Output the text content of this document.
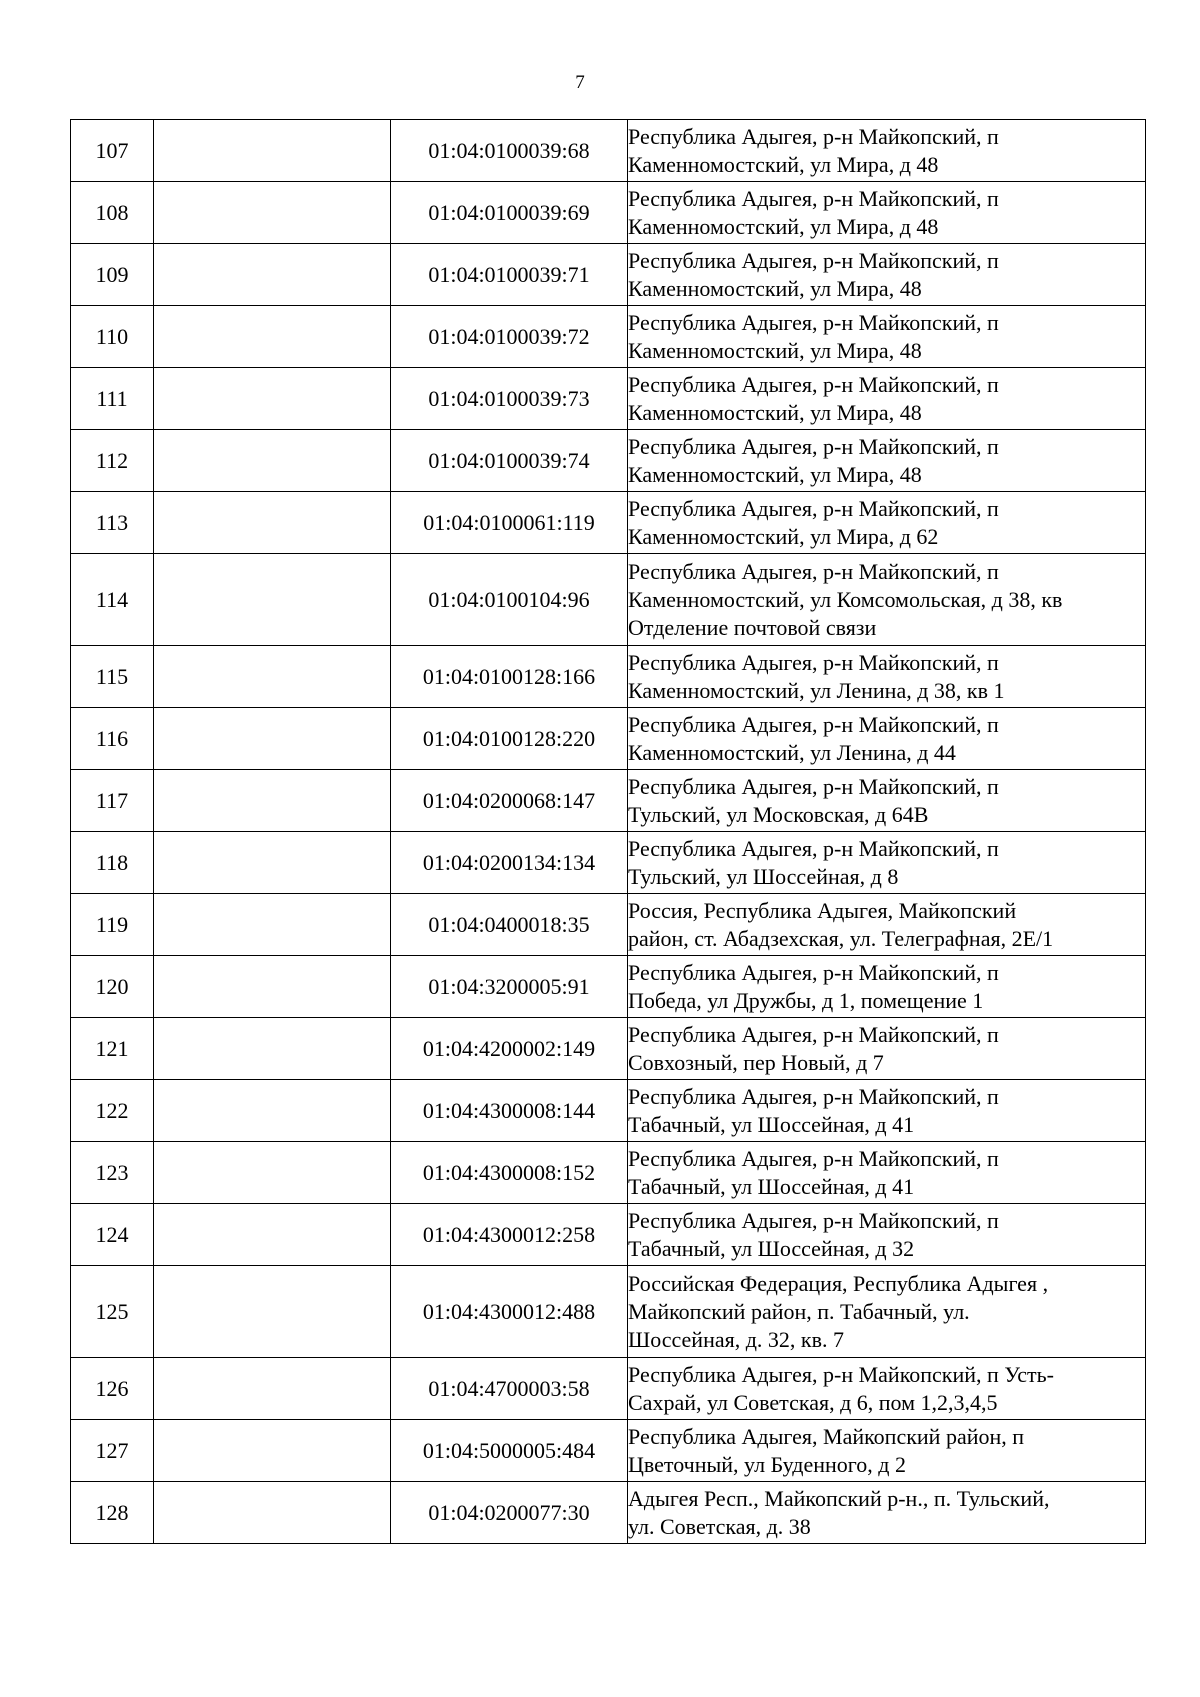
7
107		01:04:0100039:68	Республика Адыгея, р-н Майкопский, п
Каменномостский, ул Мира, д 48

108		01:04:0100039:69	Республика Адыгея, р-н Майкопский, п
Каменномостский, ул Мира, д 48

109		01:04:0100039:71	Республика Адыгея, р-н Майкопский, п
Каменномостский, ул Мира, 48

110		01:04:0100039:72	Республика Адыгея, р-н Майкопский, п
Каменномостский, ул Мира, 48

111		01:04:0100039:73	Республика Адыгея, р-н Майкопский, п
Каменномостский, ул Мира, 48

112		01:04:0100039:74	Республика Адыгея, р-н Майкопский, п
Каменномостский, ул Мира, 48

113		01:04:0100061:119	Республика Адыгея, р-н Майкопский, п
Каменномостский, ул Мира, д 62

114		01:04:0100104:96	Республика Адыгея, р-н Майкопский, п
Каменномостский, ул Комсомольская, д 38, кв
Отделение почтовой связи

115		01:04:0100128:166	Республика Адыгея, р-н Майкопский, п
Каменномостский, ул Ленина, д 38, кв 1

116		01:04:0100128:220	Республика Адыгея, р-н Майкопский, п
Каменномостский, ул Ленина, д 44

117		01:04:0200068:147	Республика Адыгея, р-н Майкопский, п
Тульский, ул Московская, д 64В

118		01:04:0200134:134	Республика Адыгея, р-н Майкопский, п
Тульский, ул Шоссейная, д 8

119		01:04:0400018:35	Россия, Республика Адыгея, Майкопский
район, ст. Абадзехская, ул. Телеграфная, 2Е/1

120		01:04:3200005:91	Республика Адыгея, р-н Майкопский, п
Победа, ул Дружбы, д 1, помещение 1

121		01:04:4200002:149	Республика Адыгея, р-н Майкопский, п
Совхозный, пер Новый, д 7

122		01:04:4300008:144	Республика Адыгея, р-н Майкопский, п
Табачный, ул Шоссейная, д 41

123		01:04:4300008:152	Республика Адыгея, р-н Майкопский, п
Табачный, ул Шоссейная, д 41

124		01:04:4300012:258	Республика Адыгея, р-н Майкопский, п
Табачный, ул Шоссейная, д 32

125		01:04:4300012:488	Российская Федерация, Республика Адыгея ,
Майкопский район, п. Табачный, ул.
Шоссейная, д. 32, кв. 7

126		01:04:4700003:58	Республика Адыгея, р-н Майкопский, п Усть-
Сахрай, ул Советская, д 6, пом 1,2,3,4,5

127		01:04:5000005:484	Республика Адыгея, Майкопский район, п
Цветочный, ул Буденного, д 2

128		01:04:0200077:30	Адыгея Респ., Майкопский р-н., п. Тульский,
ул. Советская, д. 38
